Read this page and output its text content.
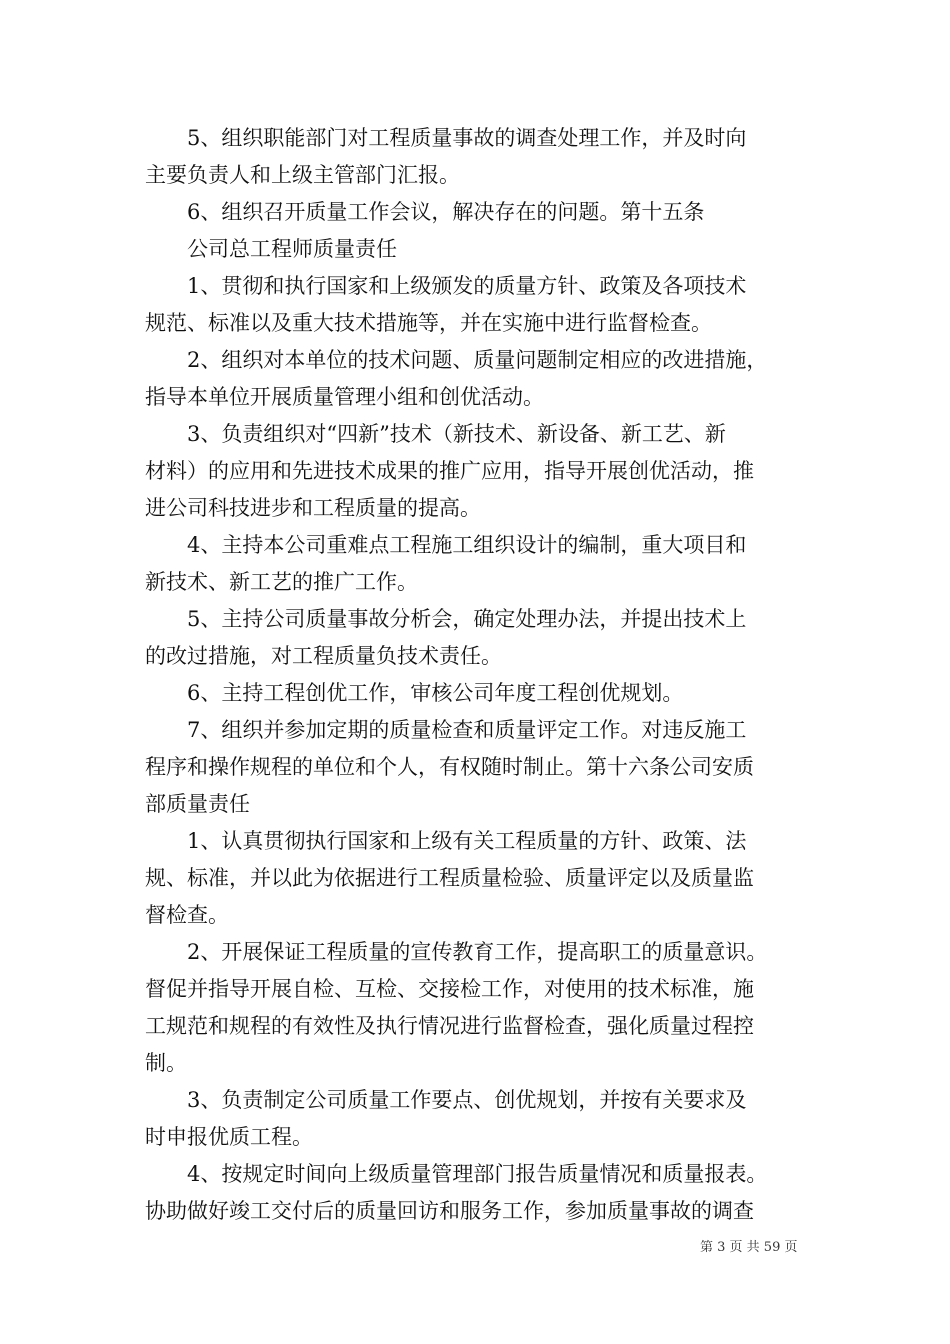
5、组织职能部门对工程质量事故的调查处理工作，并及时向
主要负责人和上级主管部门汇报。
6、组织召开质量工作会议，解决存在的问题。第十五条
公司总工程师质量责任
1、贯彻和执行国家和上级颁发的质量方针、政策及各项技术
规范、标准以及重大技术措施等，并在实施中进行监督检查。
2、组织对本单位的技术问题、质量问题制定相应的改进措施，
指导本单位开展质量管理小组和创优活动。
3、负责组织对“四新”技术（新技术、新设备、新工艺、新
材料）的应用和先进技术成果的推广应用，指导开展创优活动，推
进公司科技进步和工程质量的提高。
4、主持本公司重难点工程施工组织设计的编制，重大项目和
新技术、新工艺的推广工作。
5、主持公司质量事故分析会，确定处理办法，并提出技术上
的改过措施，对工程质量负技术责任。
6、主持工程创优工作，审核公司年度工程创优规划。
7、组织并参加定期的质量检查和质量评定工作。对违反施工
程序和操作规程的单位和个人，有权随时制止。第十六条公司安质
部质量责任
1、认真贯彻执行国家和上级有关工程质量的方针、政策、法
规、标准，并以此为依据进行工程质量检验、质量评定以及质量监
督检查。
2、开展保证工程质量的宣传教育工作，提高职工的质量意识。
督促并指导开展自检、互检、交接检工作，对使用的技术标准，施
工规范和规程的有效性及执行情况进行监督检查，强化质量过程控
制。
3、负责制定公司质量工作要点、创优规划，并按有关要求及
时申报优质工程。
4、按规定时间向上级质量管理部门报告质量情况和质量报表。
协助做好竣工交付后的质量回访和服务工作，参加质量事故的调查
第 3 页 共 59 页
